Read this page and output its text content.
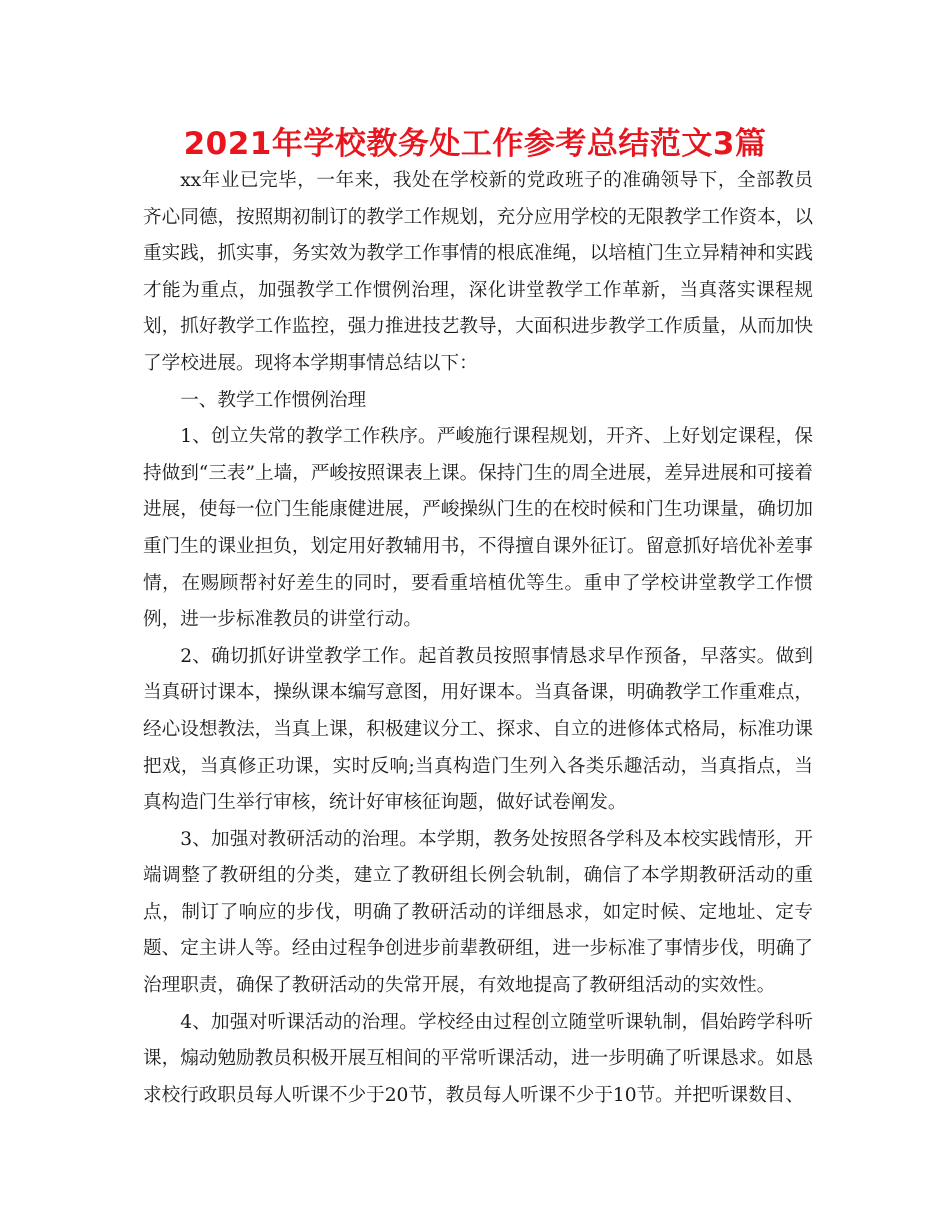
2021年学校教务处工作参考总结范文3篇

xx年业已完毕，一年来，我处在学校新的党政班子的准确领导下，全部教员齐心同德，按照期初制订的教学工作规划，充分应用学校的无限教学工作资本，以重实践，抓实事，务实效为教学工作事情的根底准绳，以培植门生立异精神和实践才能为重点，加强教学工作惯例治理，深化讲堂教学工作革新，当真落实课程规划，抓好教学工作监控，强力推进技艺教导，大面积进步教学工作质量，从而加快了学校进展。现将本学期事情总结以下：

一、教学工作惯例治理

1、创立失常的教学工作秩序。严峻施行课程规划，开齐、上好划定课程，保持做到“三表”上墙，严峻按照课表上课。保持门生的周全进展，差异进展和可接着进展，使每一位门生能康健进展，严峻操纵门生的在校时候和门生功课量，确切加重门生的课业担负，划定用好教辅用书，不得擅自课外征订。留意抓好培优补差事情，在赐顾帮衬好差生的同时，要看重培植优等生。重申了学校讲堂教学工作惯例，进一步标准教员的讲堂行动。

2、确切抓好讲堂教学工作。起首教员按照事情恳求早作预备，早落实。做到当真研讨课本，操纵课本编写意图，用好课本。当真备课，明确教学工作重难点，经心设想教法，当真上课，积极建议分工、探求、自立的进修体式格局，标准功课把戏，当真修正功课，实时反响;当真构造门生列入各类乐趣活动，当真指点，当真构造门生举行审核，统计好审核征询题，做好试卷阐发。

3、加强对教研活动的治理。本学期，教务处按照各学科及本校实践情形，开端调整了教研组的分类，建立了教研组长例会轨制，确信了本学期教研活动的重点，制订了响应的步伐，明确了教研活动的详细恳求，如定时候、定地址、定专题、定主讲人等。经由过程争创进步前辈教研组，进一步标准了事情步伐，明确了治理职责，确保了教研活动的失常开展，有效地提高了教研组活动的实效性。

4、加强对听课活动的治理。学校经由过程创立随堂听课轨制，倡始跨学科听课，煽动勉励教员积极开展互相间的平常听课活动，进一步明确了听课恳求。如恳求校行政职员每人听课不少于20节，教员每人听课不少于10节。并把听课数目、
